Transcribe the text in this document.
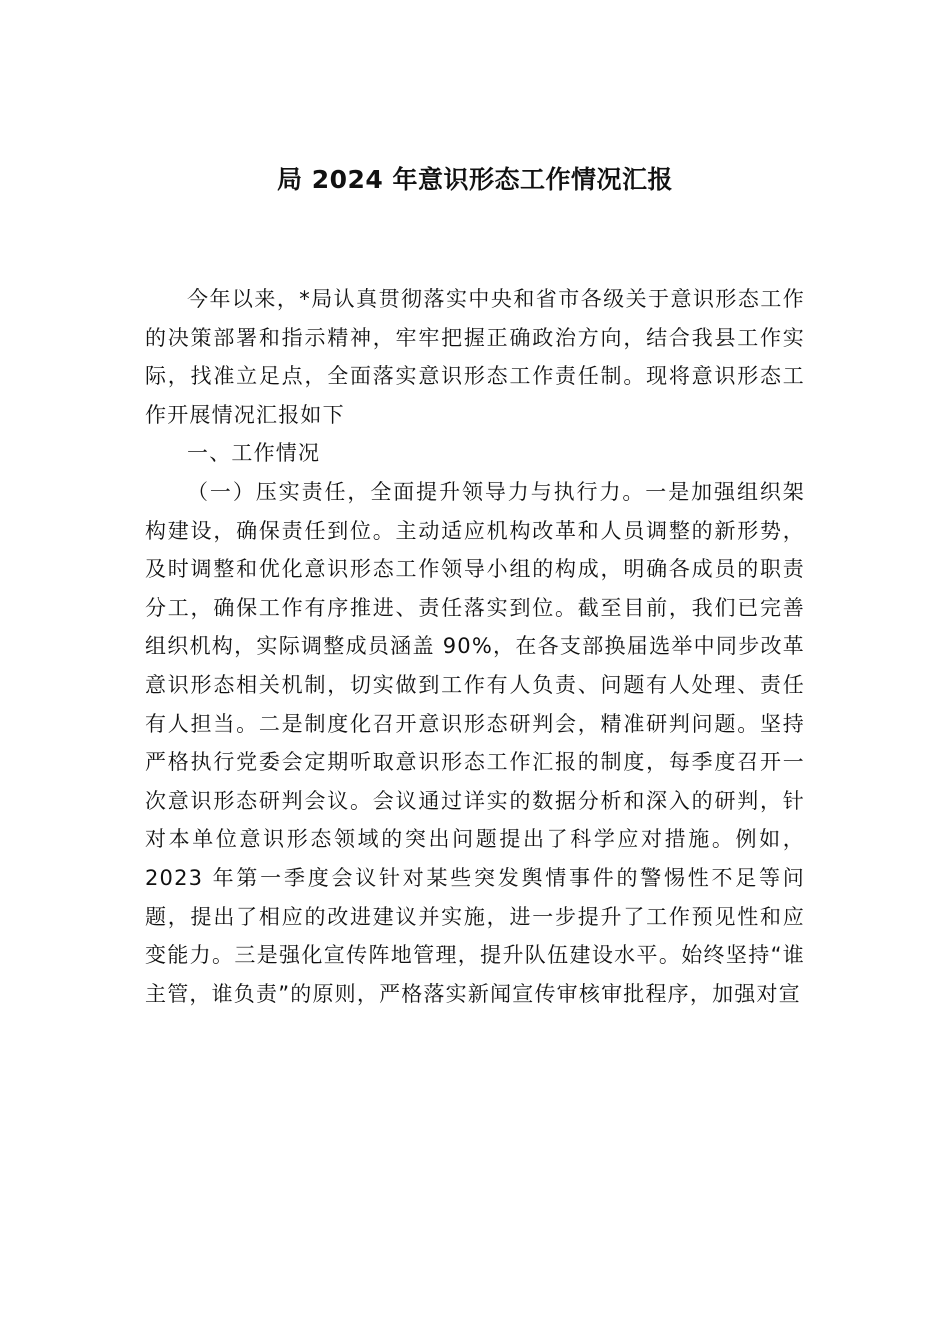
局 2024 年意识形态工作情况汇报

今年以来，*局认真贯彻落实中央和省市各级关于意识形态工作的决策部署和指示精神，牢牢把握正确政治方向，结合我县工作实际，找准立足点，全面落实意识形态工作责任制。现将意识形态工作开展情况汇报如下

一、工作情况

（一）压实责任，全面提升领导力与执行力。一是加强组织架构建设，确保责任到位。主动适应机构改革和人员调整的新形势，及时调整和优化意识形态工作领导小组的构成，明确各成员的职责分工，确保工作有序推进、责任落实到位。截至目前，我们已完善组织机构，实际调整成员涵盖 90%，在各支部换届选举中同步改革意识形态相关机制，切实做到工作有人负责、问题有人处理、责任有人担当。二是制度化召开意识形态研判会，精准研判问题。坚持严格执行党委会定期听取意识形态工作汇报的制度，每季度召开一次意识形态研判会议。会议通过详实的数据分析和深入的研判，针对本单位意识形态领域的突出问题提出了科学应对措施。例如，2023 年第一季度会议针对某些突发舆情事件的警惕性不足等问题，提出了相应的改进建议并实施，进一步提升了工作预见性和应变能力。三是强化宣传阵地管理，提升队伍建设水平。始终坚持“谁主管，谁负责”的原则，严格落实新闻宣传审核审批程序，加强对宣
